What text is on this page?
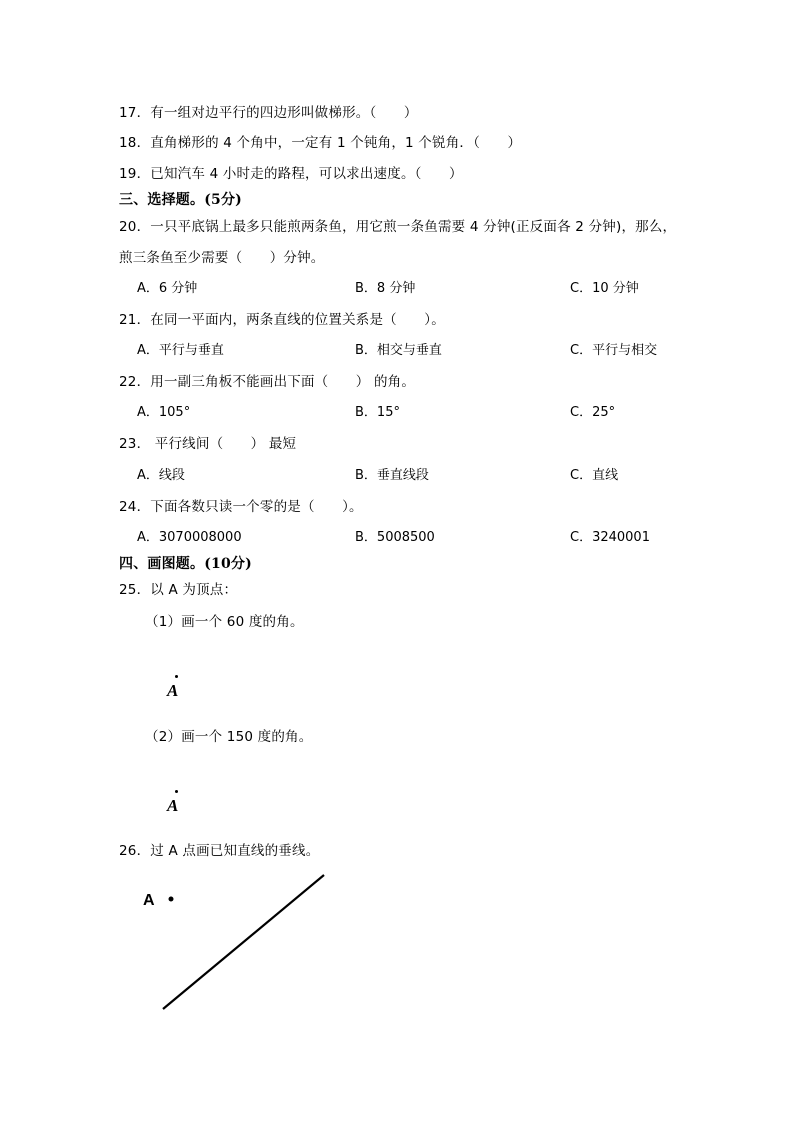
17．有一组对边平行的四边形叫做梯形。（　　）
18．直角梯形的 4 个角中，一定有 1 个钝角，1 个锐角．（　　）
19．已知汽车 4 小时走的路程，可以求出速度。（　　）
三、选择题。(5分)
20．一只平底锅上最多只能煎两条鱼，用它煎一条鱼需要 4 分钟(正反面各 2 分钟)，那么，
煎三条鱼至少需要（　　）分钟。
A．6 分钟	B．8 分钟	C．10 分钟
21．在同一平面内，两条直线的位置关系是（　　）。
A．平行与垂直	B．相交与垂直	C．平行与相交
22．用一副三角板不能画出下面（　　） 的角。
A．105°	B．15°	C．25°
23． 平行线间（　　） 最短
A．线段	B．垂直线段	C．直线
24．下面各数只读一个零的是（　　）。
A．3070008000	B．5008500	C．3240001
四、画图题。(10分)
25．以 A 为顶点：
（1）画一个 60 度的角。
A
（2）画一个 150 度的角。
A
26．过 A 点画已知直线的垂线。
A
